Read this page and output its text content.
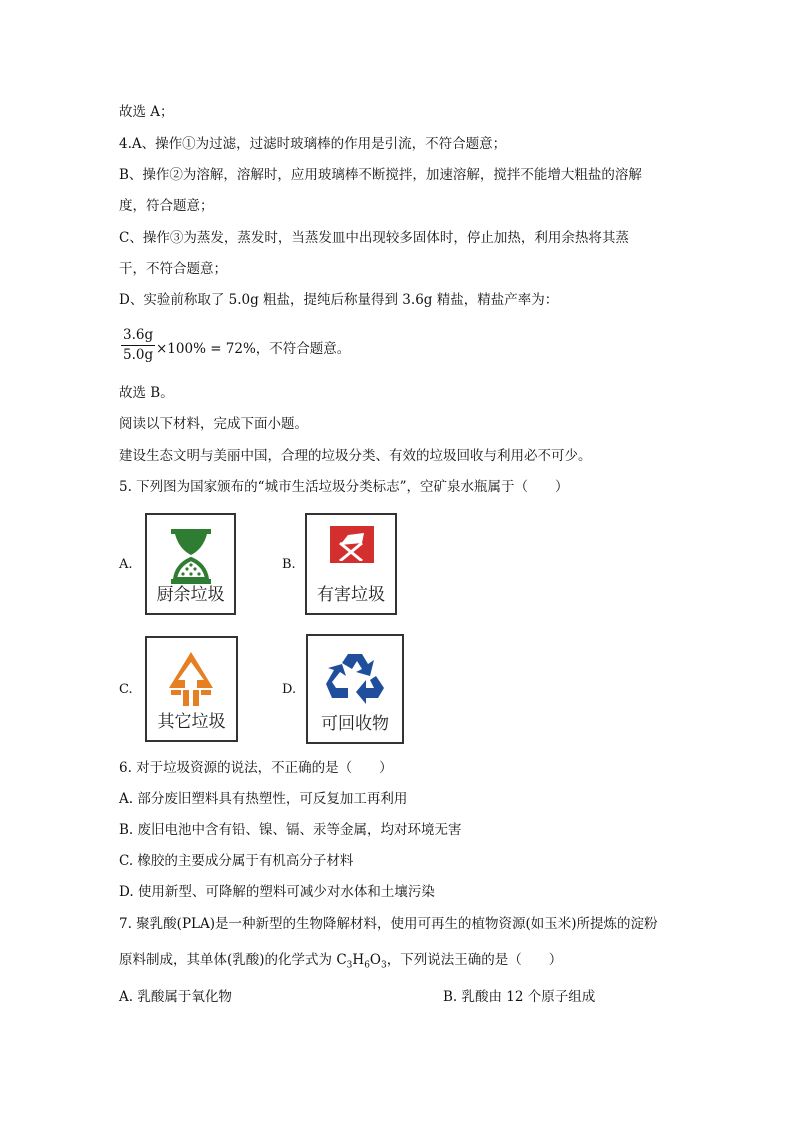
故选 A；
4.A、操作①为过滤，过滤时玻璃棒的作用是引流，不符合题意；
B、操作②为溶解，溶解时，应用玻璃棒不断搅拌，加速溶解，搅拌不能增大粗盐的溶解
度，符合题意；
C、操作③为蒸发，蒸发时，当蒸发皿中出现较多固体时，停止加热，利用余热将其蒸
干，不符合题意；
D、实验前称取了 5.0g 粗盐，提纯后称量得到 3.6g 精盐，精盐产率为：
3.6g
5.0g ×100% = 72%，不符合题意。
故选 B。
阅读以下材料，完成下面小题。
建设生态文明与美丽中国，合理的垃圾分类、有效的垃圾回收与利用必不可少。
5. 下列图为国家颁布的“城市生活垃圾分类标志”，空矿泉水瓶属于（　　）
A.
厨余垃圾
B.
有害垃圾
C.
其它垃圾
D.
可回收物
6. 对于垃圾资源的说法，不正确的是（　　）
A. 部分废旧塑料具有热塑性，可反复加工再利用
B. 废旧电池中含有铅、镍、镉、汞等金属，均对环境无害
C. 橡胶的主要成分属于有机高分子材料
D. 使用新型、可降解的塑料可减少对水体和土壤污染
7. 聚乳酸(PLA)是一种新型的生物降解材料，使用可再生的植物资源(如玉米)所提炼的淀粉
原料制成，其单体(乳酸)的化学式为 $C_3H_6O_3$，下列说法王确的是（　　）
A. 乳酸属于氧化物	B. 乳酸由 12 个原子组成
